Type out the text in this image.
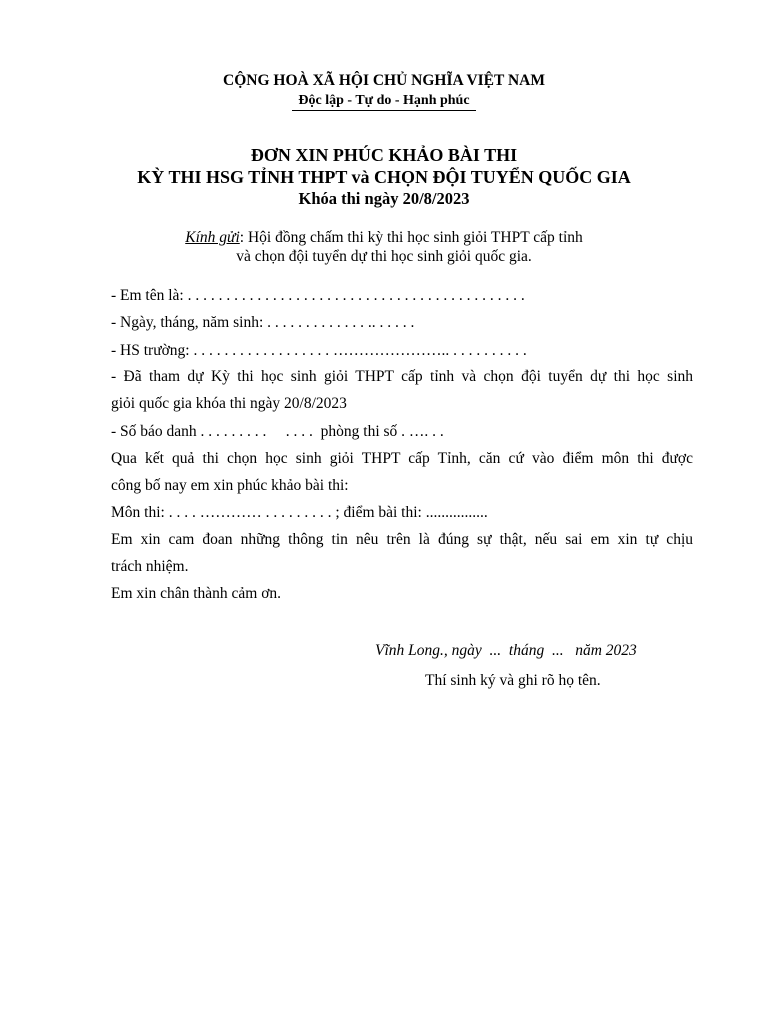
CỘNG HOÀ XÃ HỘI CHỦ NGHĨA VIỆT NAM
Độc lập - Tự do - Hạnh phúc
ĐƠN XIN PHÚC KHẢO BÀI THI
KỲ THI HSG TỈNH THPT và CHỌN ĐỘI TUYỂN QUỐC GIA
Khóa thi ngày 20/8/2023
Kính gửi: Hội đồng chấm thi kỳ thi học sinh giỏi THPT cấp tỉnh
và chọn đội tuyển dự thi học sinh giỏi quốc gia.
- Em tên là: . . . . . . . . . . . . . . . . . . . . . . . . . . . . . . . . . . . . . . . . . . . .
- Ngày, tháng, năm sinh: . . . . . . . . . . . . . .. . . . . .
- HS trường: . . . . . . . . . . . . . . . . . . ………………….. . . . . . . . . . .
- Đã tham dự Kỳ thi học sinh giỏi THPT cấp tỉnh và chọn đội tuyển dự thi học sinh
giỏi quốc gia khóa thi ngày 20/8/2023
- Số báo danh . . . . . . . . .     . . . .  phòng thi số . …. . .
Qua kết quả thi chọn học sinh giỏi THPT cấp Tỉnh, căn cứ vào điểm môn thi được
công bố nay em xin phúc khảo bài thi:
Môn thi: . . . . ………… . . . . . . . . . ; điểm bài thi: ................
Em xin cam đoan những thông tin nêu trên là đúng sự thật, nếu sai em xin tự chịu
trách nhiệm.
Em xin chân thành cảm ơn.
Vĩnh Long., ngày  ...  tháng  ...   năm 2023
Thí sinh ký và ghi rõ họ tên.
